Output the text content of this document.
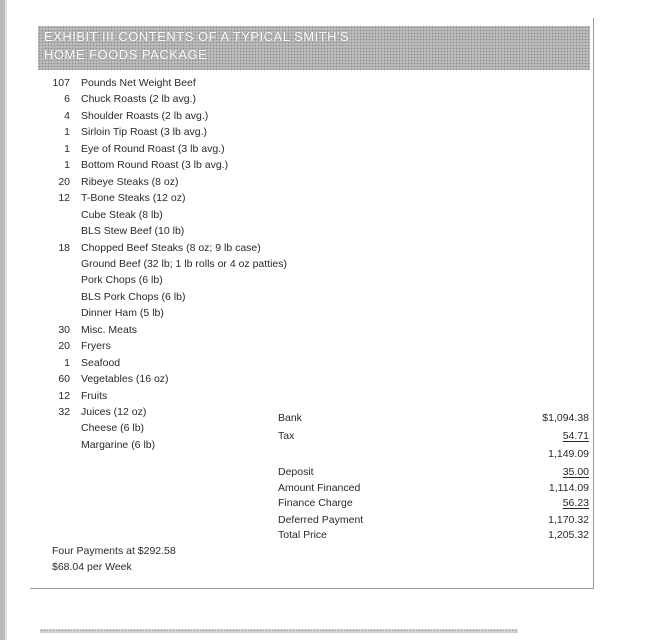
EXHIBIT III CONTENTS OF A TYPICAL SMITH'S
HOME FOODS PACKAGE
107 Pounds Net Weight Beef
6 Chuck Roasts (2 lb avg.)
4 Shoulder Roasts (2 lb avg.)
1 Sirloin Tip Roast (3 lb avg.)
1 Eye of Round Roast (3 lb avg.)
1 Bottom Round Roast (3 lb avg.)
20 Ribeye Steaks (8 oz)
12 T-Bone Steaks (12 oz)
Cube Steak (8 lb)
BLS Stew Beef (10 lb)
18 Chopped Beef Steaks (8 oz; 9 lb case)
Ground Beef (32 lb; 1 lb rolls or 4 oz patties)
Pork Chops (6 lb)
BLS Pork Chops (6 lb)
Dinner Ham (5 lb)
30 Misc. Meats
20 Fryers
1 Seafood
60 Vegetables (16 oz)
12 Fruits
32 Juices (12 oz)
Cheese (6 lb)
Margarine (6 lb)
Bank	$1,094.38
Tax	54.71
1,149.09
Deposit	35.00
Amount Financed	1,114.09
Finance Charge	56.23
Deferred Payment	1,170.32
Total Price	1,205.32
Four Payments at $292.58
$68.04 per Week
